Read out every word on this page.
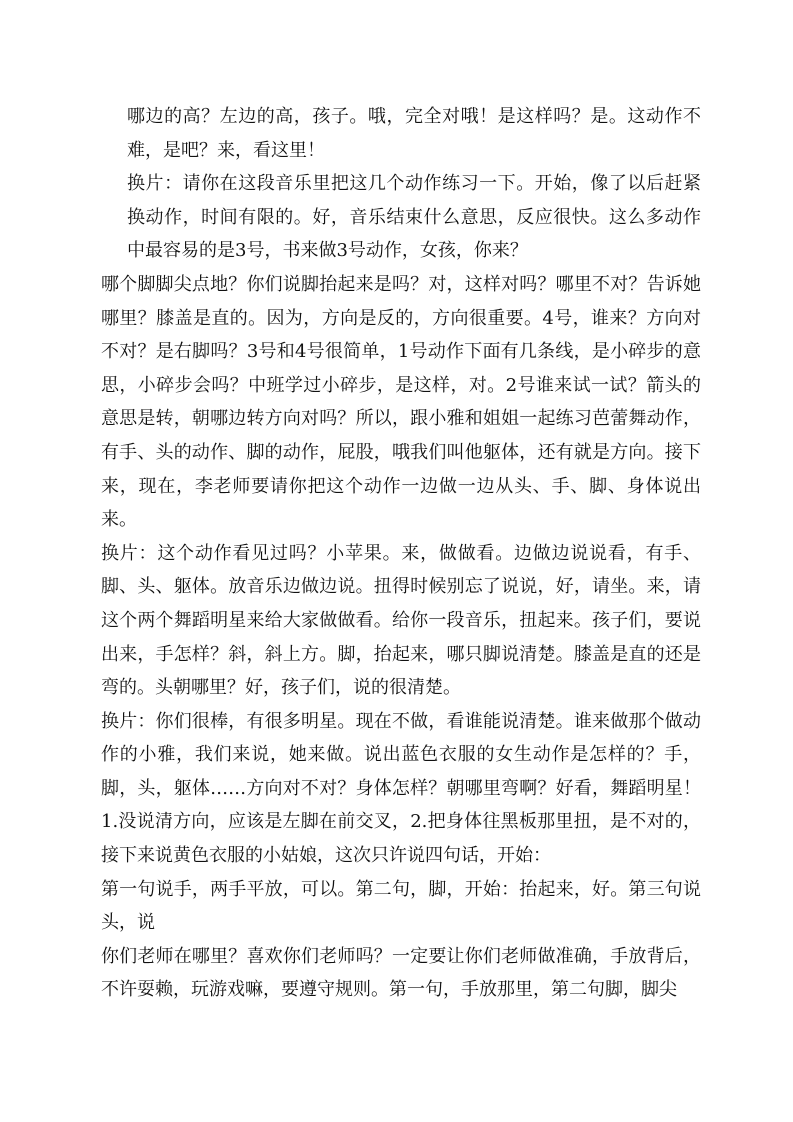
哪边的高？左边的高，孩子。哦，完全对哦！是这样吗？是。这动作不难，是吧？来，看这里！

换片：请你在这段音乐里把这几个动作练习一下。开始，像了以后赶紧换动作，时间有限的。好，音乐结束什么意思，反应很快。这么多动作中最容易的是3号，书来做3号动作，女孩，你来？

哪个脚脚尖点地？你们说脚抬起来是吗？对，这样对吗？哪里不对？告诉她哪里？膝盖是直的。因为，方向是反的，方向很重要。4号，谁来？方向对不对？是右脚吗？3号和4号很简单，1号动作下面有几条线，是小碎步的意思，小碎步会吗？中班学过小碎步，是这样，对。2号谁来试一试？箭头的意思是转，朝哪边转方向对吗？所以，跟小雅和姐姐一起练习芭蕾舞动作，有手、头的动作、脚的动作，屁股，哦我们叫他躯体，还有就是方向。接下来，现在，李老师要请你把这个动作一边做一边从头、手、脚、身体说出来。

换片：这个动作看见过吗？小苹果。来，做做看。边做边说说看，有手、脚、头、躯体。放音乐边做边说。扭得时候别忘了说说，好，请坐。来，请这个两个舞蹈明星来给大家做做看。给你一段音乐，扭起来。孩子们，要说出来，手怎样？斜，斜上方。脚，抬起来，哪只脚说清楚。膝盖是直的还是弯的。头朝哪里？好，孩子们，说的很清楚。

换片：你们很棒，有很多明星。现在不做，看谁能说清楚。谁来做那个做动作的小雅，我们来说，她来做。说出蓝色衣服的女生动作是怎样的？手，脚，头，躯体……方向对不对？身体怎样？朝哪里弯啊？好看，舞蹈明星！1.没说清方向，应该是左脚在前交叉，2.把身体往黑板那里扭，是不对的，接下来说黄色衣服的小姑娘，这次只许说四句话，开始：

第一句说手，两手平放，可以。第二句，脚，开始：抬起来，好。第三句说头，说

你们老师在哪里？喜欢你们老师吗？一定要让你们老师做准确，手放背后，不许耍赖，玩游戏嘛，要遵守规则。第一句，手放那里，第二句脚，脚尖
